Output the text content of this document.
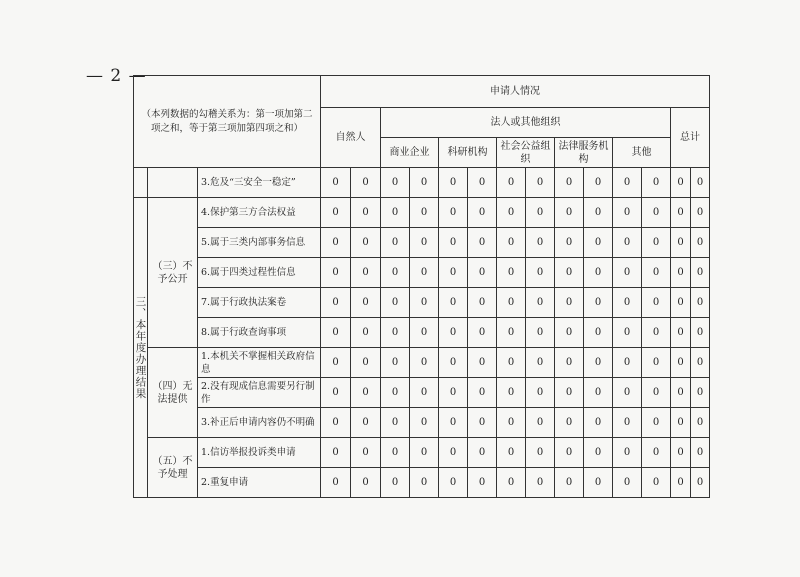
— 2 —
（本列数据的勾稽关系为：第一项加第二项之和，等于第三项加第四项之和）			申请人情况													
			自然人		法人或其他组织										总计	
					商业企业		科研机构		社会公益组织		法律服务机构		其他			
		3.危及“三安全一稳定”	0	0	0	0	0	0	0	0	0	0	0	0	0	0
三、本年度办理结果	（三）不予公开	4.保护第三方合法权益	0	0	0	0	0	0	0	0	0	0	0	0	0	0
		5.属于三类内部事务信息	0	0	0	0	0	0	0	0	0	0	0	0	0	0
		6.属于四类过程性信息	0	0	0	0	0	0	0	0	0	0	0	0	0	0
		7.属于行政执法案卷	0	0	0	0	0	0	0	0	0	0	0	0	0	0
		8.属于行政查询事项	0	0	0	0	0	0	0	0	0	0	0	0	0	0
	（四）无法提供	1.本机关不掌握相关政府信息	0	0	0	0	0	0	0	0	0	0	0	0	0	0
		2.没有现成信息需要另行制作	0	0	0	0	0	0	0	0	0	0	0	0	0	0
		3.补正后申请内容仍不明确	0	0	0	0	0	0	0	0	0	0	0	0	0	0
	（五）不予处理	1.信访举报投诉类申请	0	0	0	0	0	0	0	0	0	0	0	0	0	0
		2.重复申请	0	0	0	0	0	0	0	0	0	0	0	0	0	0
